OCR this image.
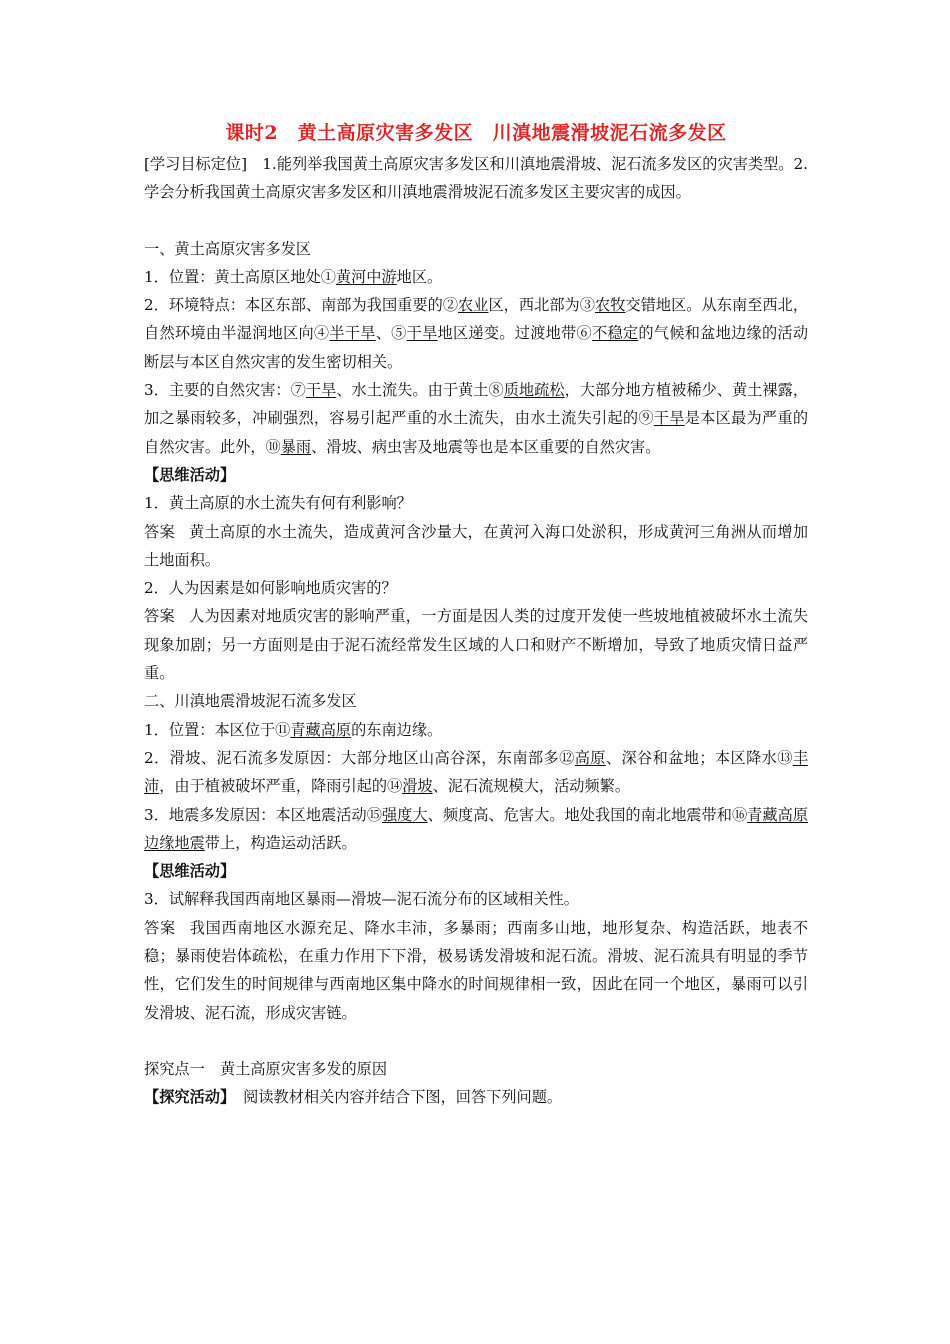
课时2　黄土高原灾害多发区　川滇地震滑坡泥石流多发区

[学习目标定位]　1.能列举我国黄土高原灾害多发区和川滇地震滑坡、泥石流多发区的灾害类型。2.学会分析我国黄土高原灾害多发区和川滇地震滑坡泥石流多发区主要灾害的成因。

一、黄土高原灾害多发区

1．位置：黄土高原区地处①黄河中游地区。

2．环境特点：本区东部、南部为我国重要的②农业区，西北部为③农牧交错地区。从东南至西北，自然环境由半湿润地区向④半干旱、⑤干旱地区递变。过渡地带⑥不稳定的气候和盆地边缘的活动断层与本区自然灾害的发生密切相关。

3．主要的自然灾害：⑦干旱、水土流失。由于黄土⑧质地疏松，大部分地方植被稀少、黄土裸露，加之暴雨较多，冲刷强烈，容易引起严重的水土流失，由水土流失引起的⑨干旱是本区最为严重的自然灾害。此外，⑩暴雨、滑坡、病虫害及地震等也是本区重要的自然灾害。

【思维活动】

1．黄土高原的水土流失有何有利影响？

答案 黄土高原的水土流失，造成黄河含沙量大，在黄河入海口处淤积，形成黄河三角洲从而增加土地面积。

2．人为因素是如何影响地质灾害的？

答案 人为因素对地质灾害的影响严重，一方面是因人类的过度开发使一些坡地植被破坏水土流失现象加剧；另一方面则是由于泥石流经常发生区域的人口和财产不断增加，导致了地质灾情日益严重。

二、川滇地震滑坡泥石流多发区

1．位置：本区位于⑪青藏高原的东南边缘。

2．滑坡、泥石流多发原因：大部分地区山高谷深，东南部多⑫高原、深谷和盆地；本区降水⑬丰沛，由于植被破坏严重，降雨引起的⑭滑坡、泥石流规模大，活动频繁。

3．地震多发原因：本区地震活动⑮强度大、频度高、危害大。地处我国的南北地震带和⑯青藏高原边缘地震带上，构造运动活跃。

【思维活动】

3．试解释我国西南地区暴雨—滑坡—泥石流分布的区域相关性。

答案 我国西南地区水源充足、降水丰沛，多暴雨；西南多山地，地形复杂、构造活跃，地表不稳；暴雨使岩体疏松，在重力作用下下滑，极易诱发滑坡和泥石流。滑坡、泥石流具有明显的季节性，它们发生的时间规律与西南地区集中降水的时间规律相一致，因此在同一个地区，暴雨可以引发滑坡、泥石流，形成灾害链。

探究点一　黄土高原灾害多发的原因

【探究活动】 阅读教材相关内容并结合下图，回答下列问题。
